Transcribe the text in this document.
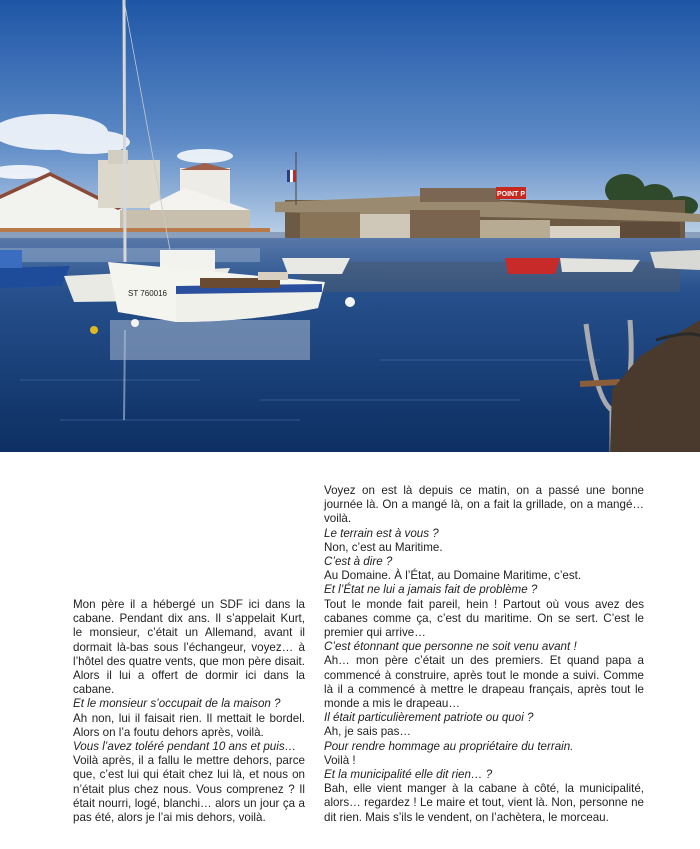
POINT P
ST 760016

Mon père il a hébergé un SDF ici dans la cabane. Pendant dix ans. Il s’appelait Kurt, le monsieur, c’était un Allemand, avant il dormait là-bas sous l’échangeur, voyez… à l’hôtel des quatre vents, que mon père disait. Alors il lui a offert de dormir ici dans la cabane.

Et le monsieur s’occupait de la maison ?

Ah non, lui il faisait rien. Il mettait le bordel. Alors on l’a foutu dehors après, voilà.

Vous l’avez toléré pendant 10 ans et puis…

Voilà après, il a fallu le mettre dehors, parce que, c’est lui qui était chez lui là, et nous on n’était plus chez nous. Vous comprenez ? Il était nourri, logé, blanchi… alors un jour ça a pas été, alors je l’ai mis dehors, voilà.

Voyez on est là depuis ce matin, on a passé une bonne journée là. On a mangé là, on a fait la grillade, on a mangé… voilà.

Le terrain est à vous ?

Non, c’est au Maritime.

C’est à dire ?

Au Domaine. À l’État, au Domaine Maritime, c’est.

Et l’État ne lui a jamais fait de problème ?

Tout le monde fait pareil, hein ! Partout où vous avez des cabanes comme ça, c’est du maritime. On se sert. C’est le premier qui arrive…

C’est étonnant que personne ne soit venu avant !

Ah… mon père c’était un des premiers. Et quand papa a commencé à construire, après tout le monde a suivi. Comme là il a commencé à mettre le drapeau français, après tout le monde a mis le drapeau…

Il était particulièrement patriote ou quoi ?

Ah, je sais pas…

Pour rendre hommage au propriétaire du terrain.

Voilà !

Et la municipalité elle dit rien… ?

Bah, elle vient manger à la cabane à côté, la municipalité, alors… regardez ! Le maire et tout, vient là. Non, personne ne dit rien. Mais s’ils le vendent, on l’achètera, le morceau.
